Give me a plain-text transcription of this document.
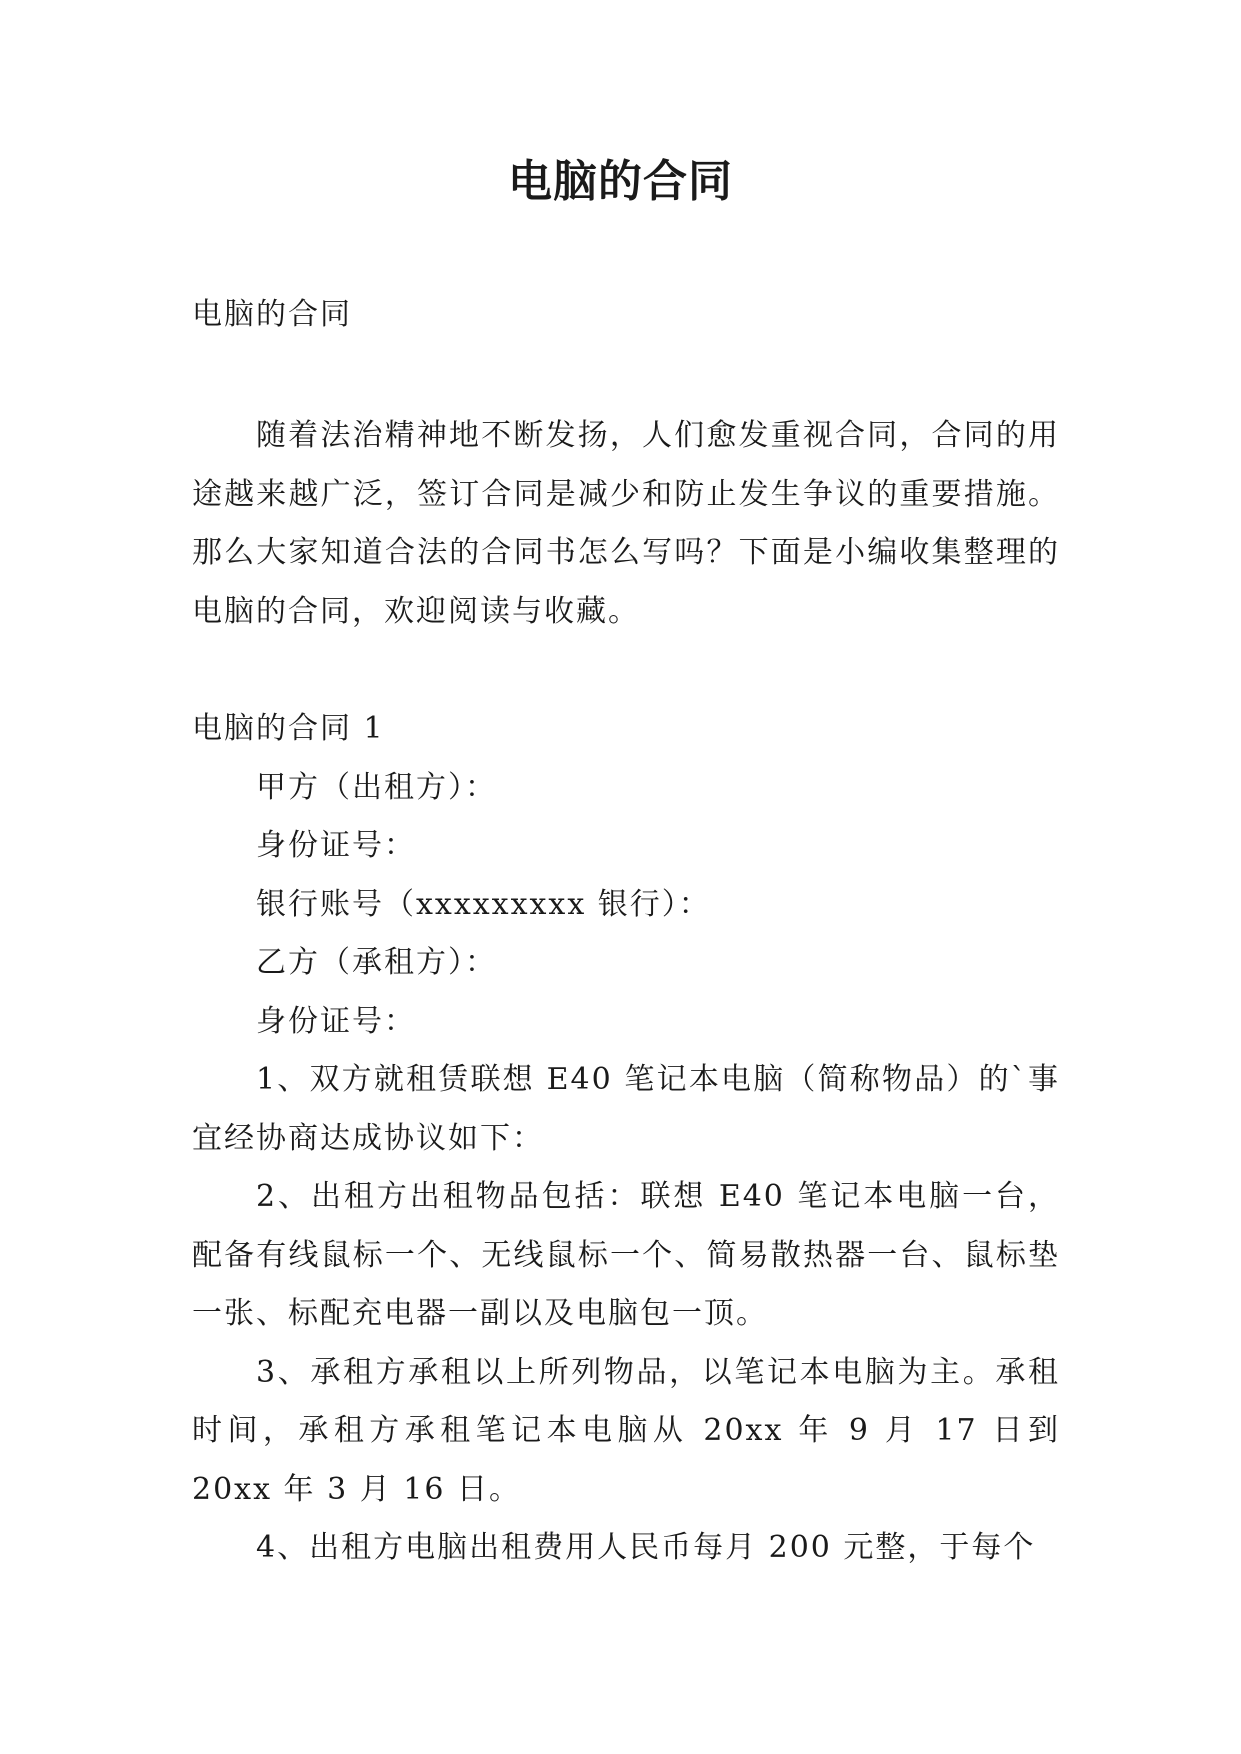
电脑的合同
电脑的合同
随着法治精神地不断发扬，人们愈发重视合同，合同的用途越来越广泛，签订合同是减少和防止发生争议的重要措施。那么大家知道合法的合同书怎么写吗？下面是小编收集整理的电脑的合同，欢迎阅读与收藏。

电脑的合同 1

甲方（出租方）：

身份证号：

银行账号（xxxxxxxxx 银行）：

乙方（承租方）：

身份证号：

1、双方就租赁联想 E40 笔记本电脑（简称物品）的`事宜经协商达成协议如下：

2、出租方出租物品包括：联想 E40 笔记本电脑一台，配备有线鼠标一个、无线鼠标一个、简易散热器一台、鼠标垫一张、标配充电器一副以及电脑包一顶。

3、承租方承租以上所列物品，以笔记本电脑为主。承租时间，承租方承租笔记本电脑从 20xx 年 9 月 17 日到 20xx 年 3 月 16 日。

4、出租方电脑出租费用人民币每月 200 元整，于每个
